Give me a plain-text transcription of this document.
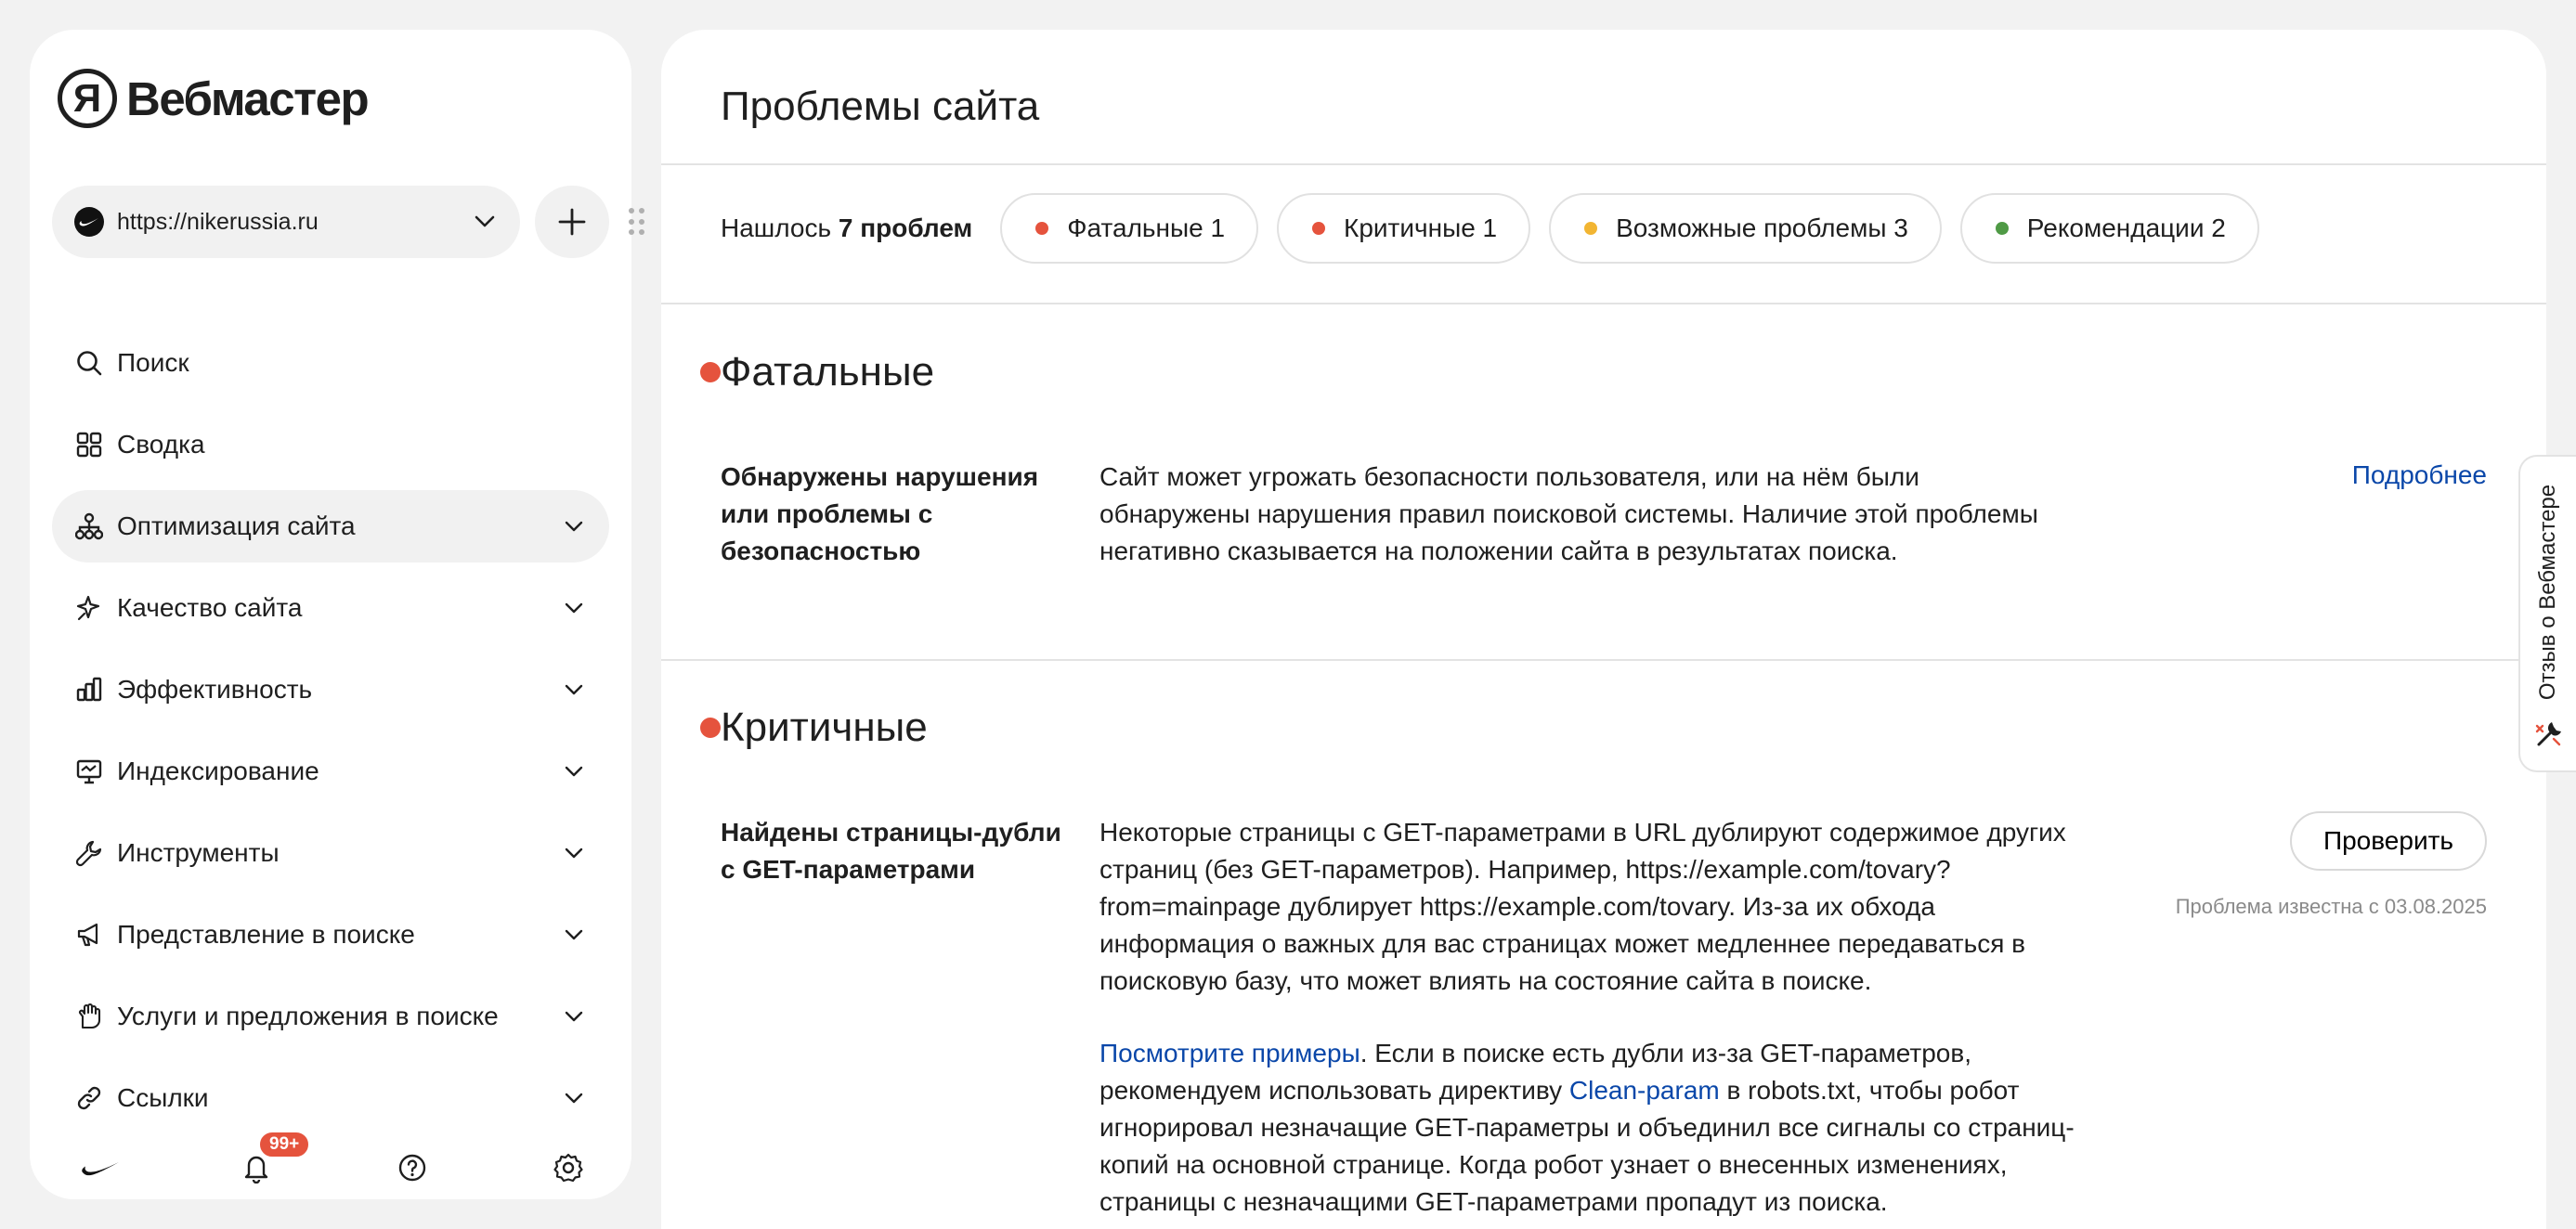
Я Вебмастер
https://nikerussia.ru
Поиск
Сводка
Оптимизация сайта
Качество сайта
Эффективность
Индексирование
Инструменты
Представление в поиске
Услуги и предложения в поиске
Ссылки
99+
Проблемы сайта
Нашлось 7 проблем	Фатальные 1	Критичные 1	Возможные проблемы 3	Рекомендации 2
Фатальные
Обнаружены нарушения или проблемы с безопасностью
Сайт может угрожать безопасности пользователя, или на нём были обнаружены нарушения правил поисковой системы. Наличие этой проблемы негативно сказывается на положении сайта в результатах поиска.
Подробнее
Критичные
Найдены страницы-дубли с GET-параметрами

Некоторые страницы с GET-параметрами в URL дублируют содержимое других страниц (без GET-параметров). Например, https://example.com/tovary?from=mainpage дублирует https://example.com/tovary. Из-за их обхода информация о важных для вас страницах может медленнее передаваться в поисковую базу, что может влиять на состояние сайта в поиске.

Посмотрите примеры. Если в поиске есть дубли из-за GET-параметров, рекомендуем использовать директиву Clean-param в robots.txt, чтобы робот игнорировал незначащие GET-параметры и объединил все сигналы со страниц-копий на основной странице. Когда робот узнает о внесенных изменениях, страницы с незначащими GET-параметрами пропадут из поиска.

Проверить
Проблема известна с 03.08.2025
Отзыв о Вебмастере
